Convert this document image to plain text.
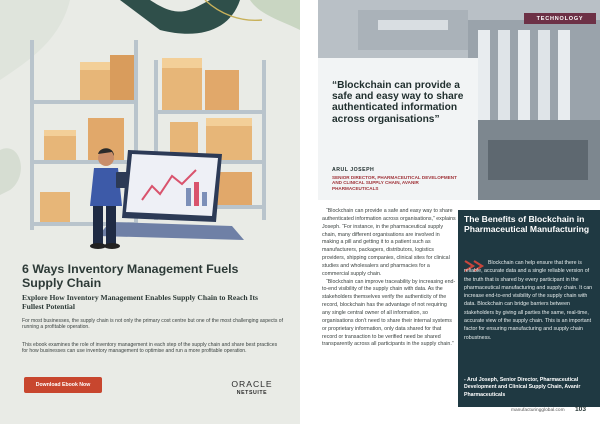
6 Ways Inventory Management Fuels Supply Chain
Explore How Inventory Management Enables Supply Chain to Reach Its Fullest Potential

For most businesses, the supply chain is not only the primary cost centre but one of the most challenging aspects of running a profitable operation.

This ebook examines the role of inventory management in each step of the supply chain and share best practices for how businesses can use inventory management to optimise and run a more profitable operation.

Download Ebook Now	ORACLE
NETSUITE
TECHNOLOGY
“Blockchain can provide a safe and easy way to share authenticated information across organisations”
ARUL JOSEPH
SENIOR DIRECTOR, PHARMACEUTICAL DEVELOPMENT AND CLINICAL SUPPLY CHAIN, AVANIR PHARMACEUTICALS

“Blockchain can provide a safe and easy way to share authenticated information across organisations,” explains Joseph. “For instance, in the pharmaceutical supply chain, many different organisations are involved in making a pill and getting it to a patient such as manufacturers, packagers, distributors, logistics providers, shipping companies, clinical sites for clinical studies and wholesalers and pharmacies for a commercial supply chain.

“Blockchain can improve traceability by increasing end-to-end visibility of the supply chain with data. As the stakeholders themselves verify the authenticity of the record, blockchain has the advantage of not requiring any single central owner of all information, so organisations don’t need to share their internal systems or proprietary information, only data shared for that record or transaction to be verified need be shared transparently across all participants in the supply chain.”

The Benefits of Blockchain in Pharmaceutical Manufacturing

Blockchain can help ensure that there is reliable, accurate data and a single reliable version of the truth that is shared by every participant in the pharmaceutical manufacturing and supply chain. It can increase end-to-end visibility of the supply chain with data. Blockchain can bridge barriers between stakeholders by giving all parties the same, real-time, accurate view of the supply chain. This is an important factor for ensuring manufacturing and supply chain robustness.

- Arul Joseph, Senior Director, Pharmaceutical Development and Clinical Supply Chain, Avanir Pharmaceuticals

manufacturingglobal.com 103
